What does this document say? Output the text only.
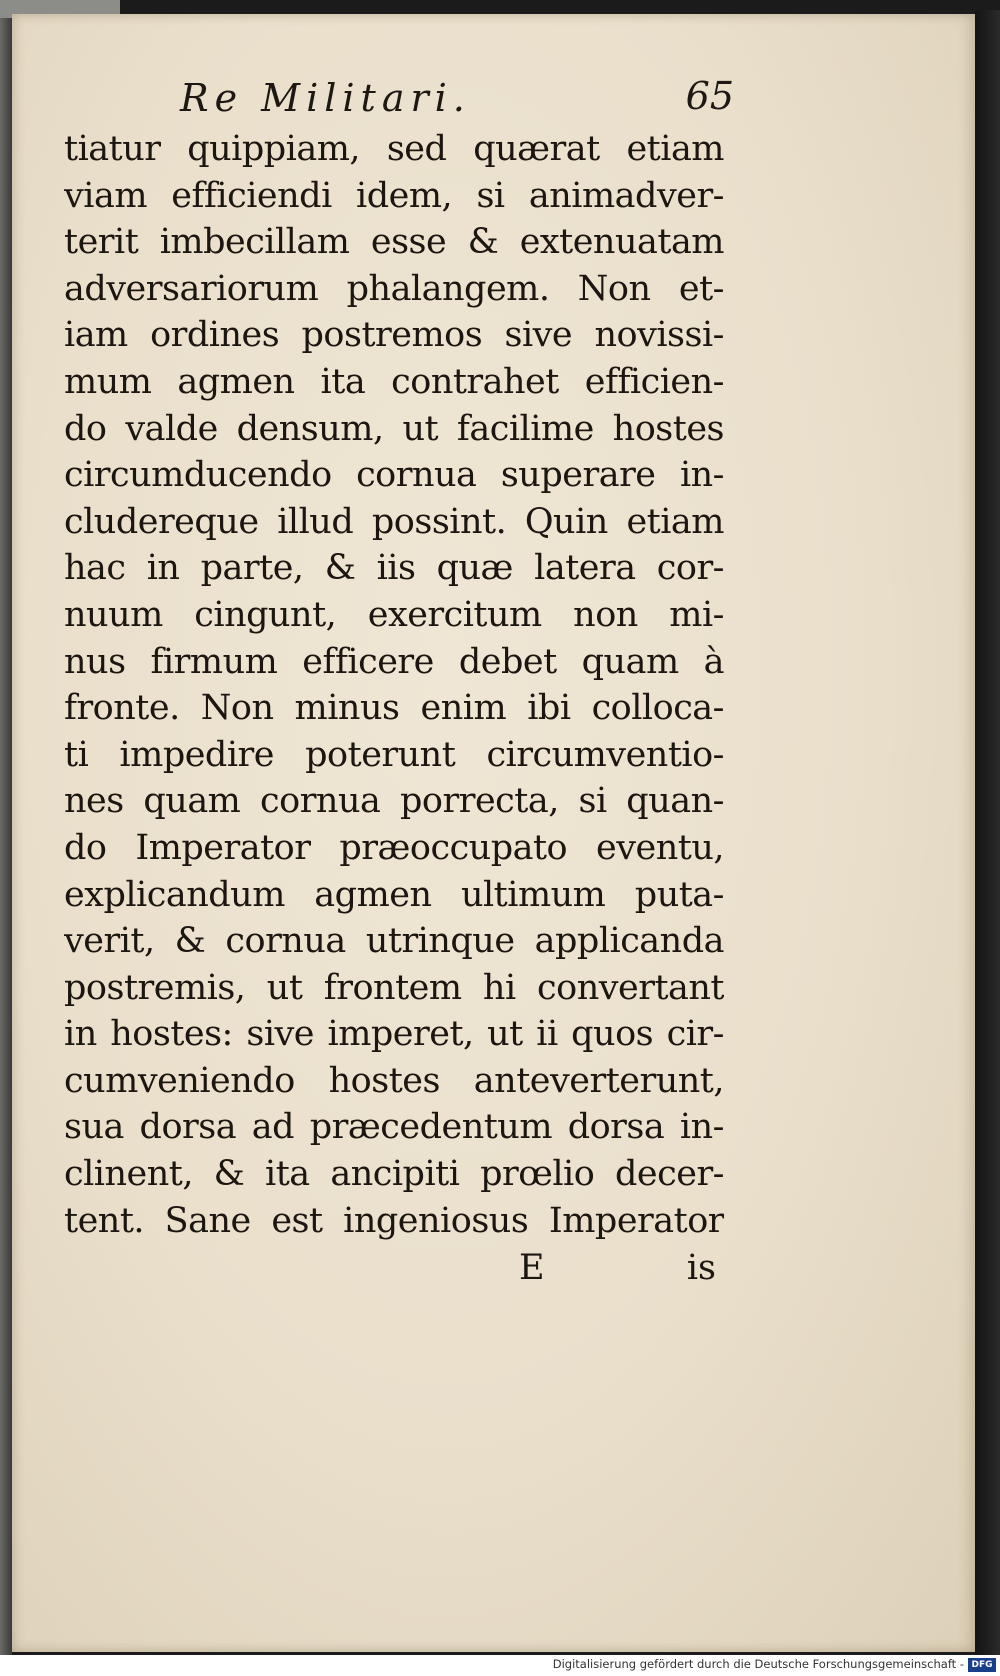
Re Militari.	65
tiatur quippiam, sed quærat etiam
viam efficiendi idem, si animadver-
terit imbecillam esse & extenuatam
adversariorum phalangem. Non et-
iam ordines postremos sive novissi-
mum agmen ita contrahet efficien-
do valde densum, ut facilime hostes
circumducendo cornua superare in-
cludereque illud possint. Quin etiam
hac in parte, & iis quæ latera cor-
nuum cingunt, exercitum non mi-
nus firmum efficere debet quam à
fronte. Non minus enim ibi colloca-
ti impedire poterunt circumventio-
nes quam cornua porrecta, si quan-
do Imperator præoccupato eventu,
explicandum agmen ultimum puta-
verit, & cornua utrinque applicanda
postremis, ut frontem hi convertant
in hostes: sive imperet, ut ii quos cir-
cumveniendo hostes anteverterunt,
sua dorsa ad præcedentum dorsa in-
clinent, & ita ancipiti prœlio decer-
tent. Sane est ingeniosus Imperator
E	is
Digitalisierung gefördert durch die Deutsche Forschungsgemeinschaft - DFG
